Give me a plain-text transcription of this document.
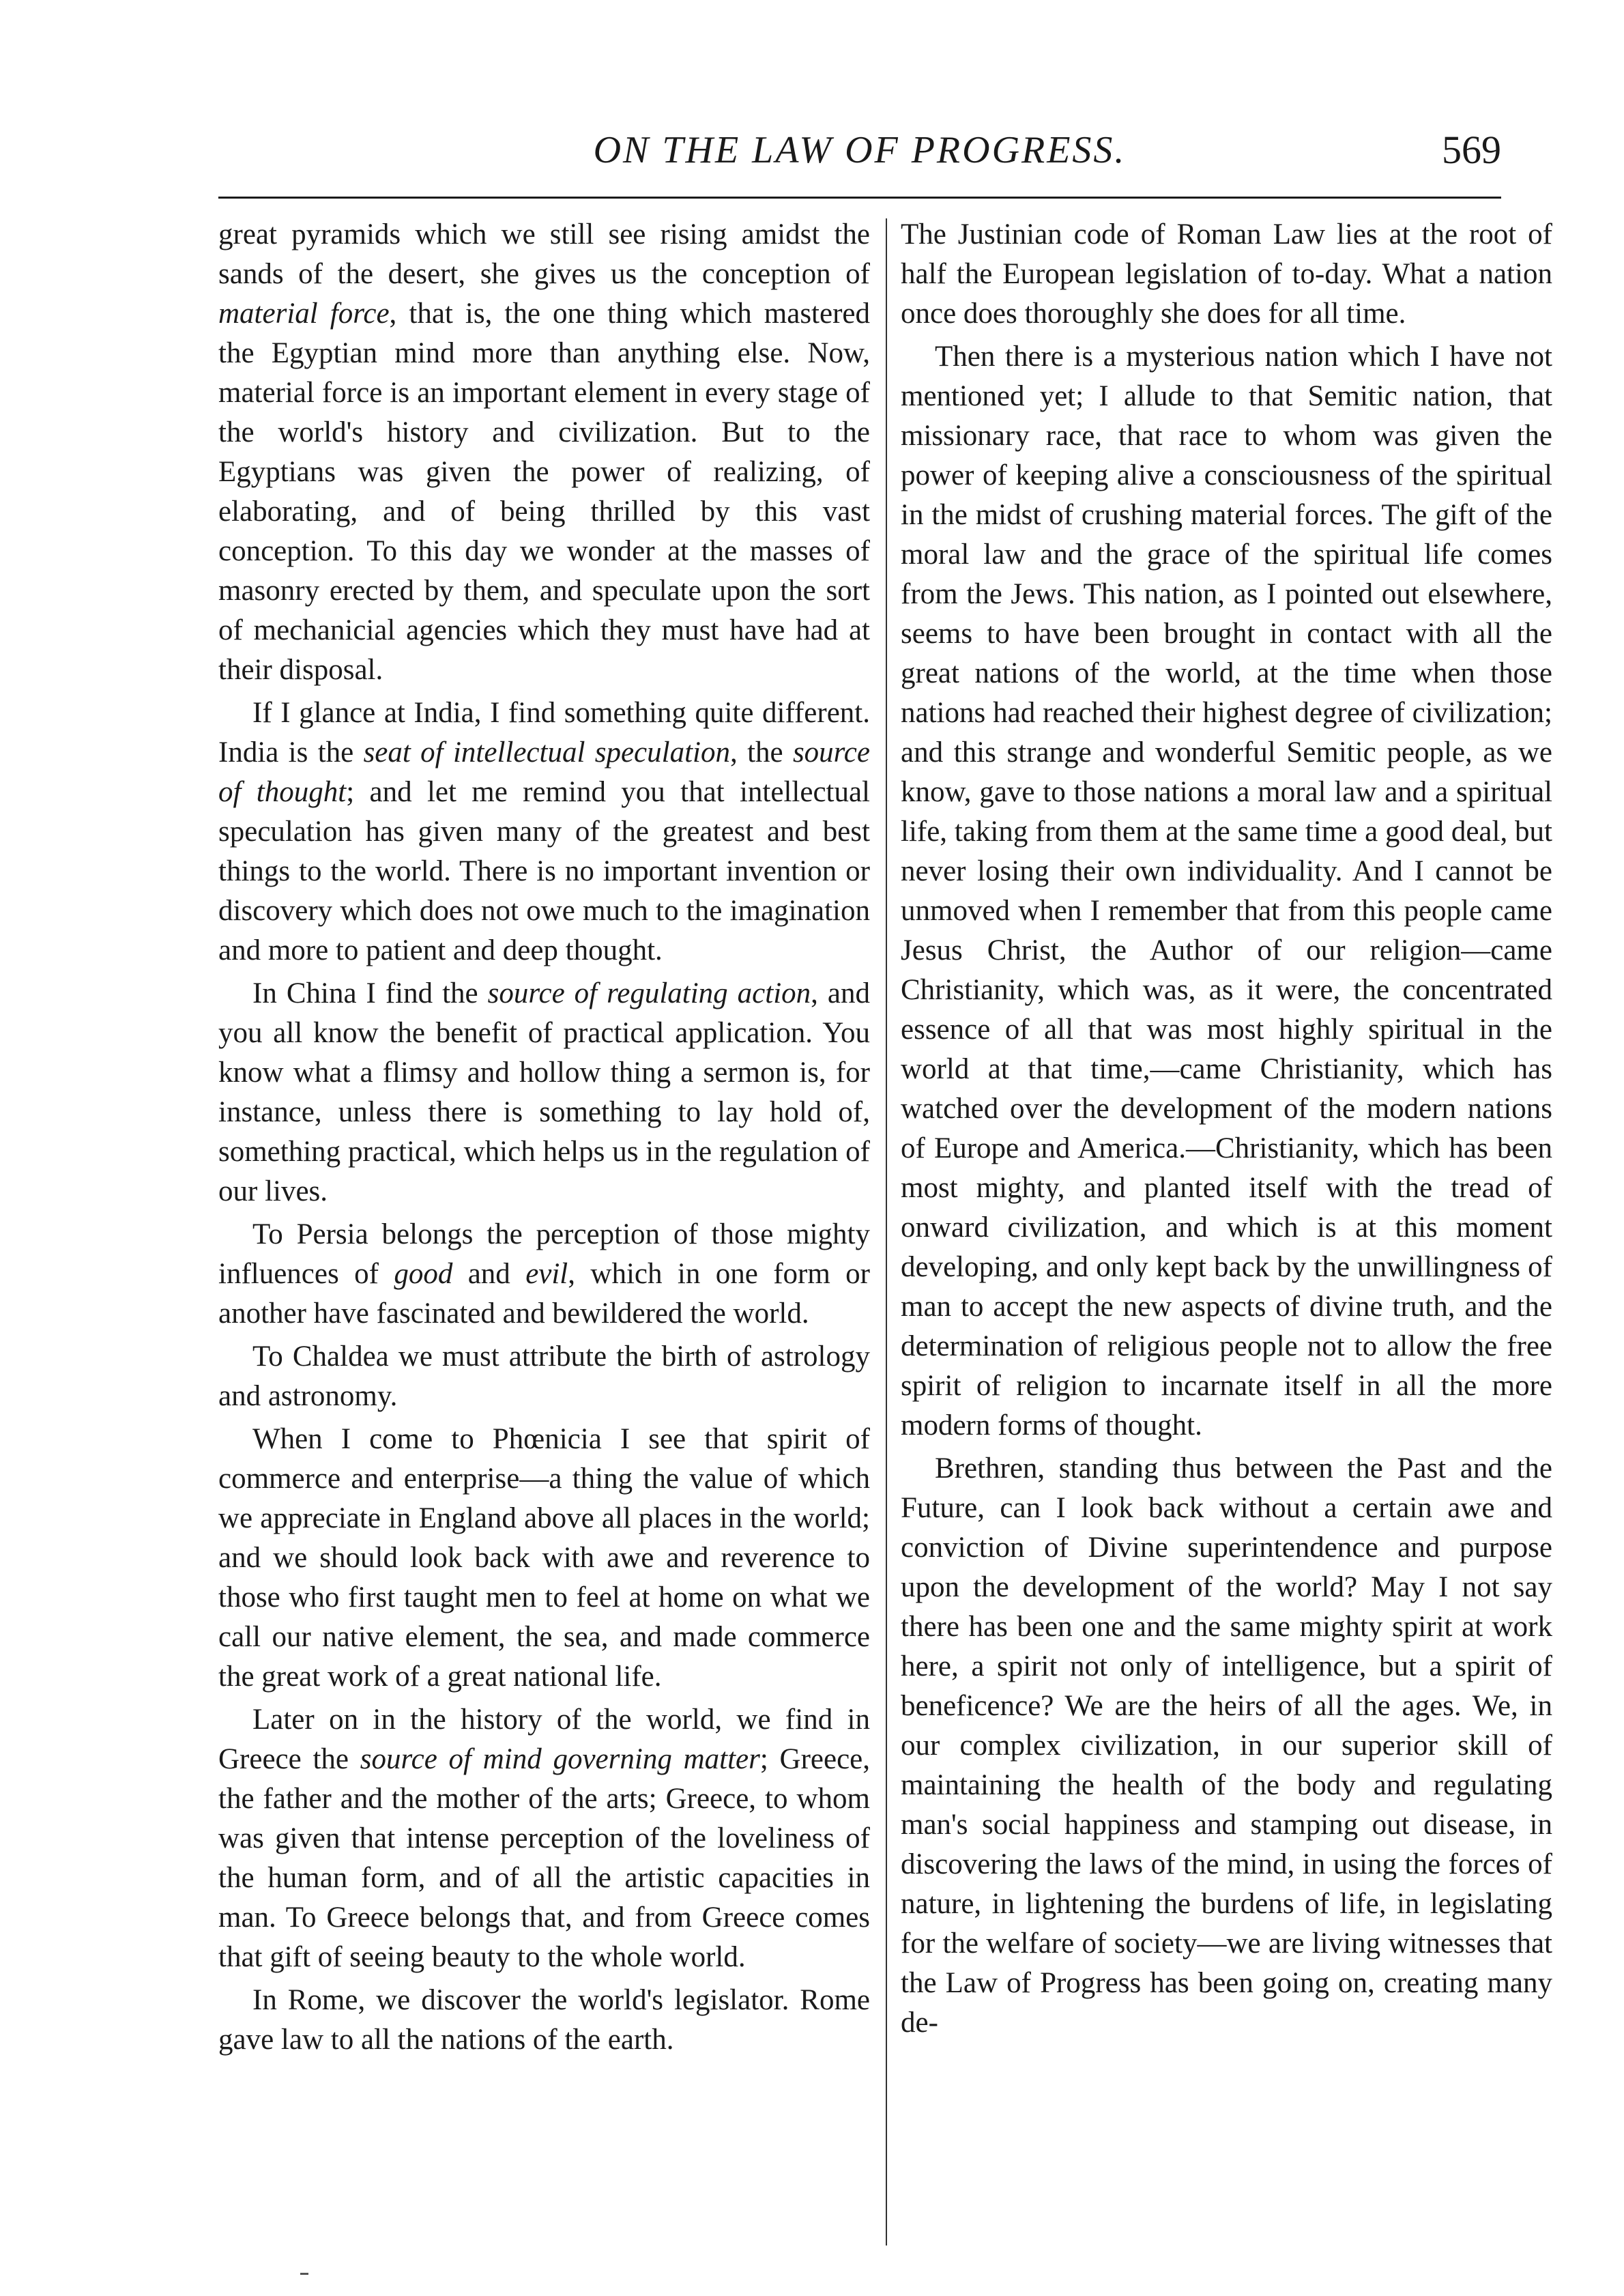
ON THE LAW OF PROGRESS.	569

great pyramids which we still see rising amidst the sands of the desert, she gives us the conception of material force, that is, the one thing which mastered the Egyptian mind more than anything else. Now, material force is an important element in every stage of the world's history and civilization. But to the Egyptians was given the power of realizing, of elaborating, and of being thrilled by this vast conception. To this day we wonder at the masses of masonry erected by them, and speculate upon the sort of mechanicial agencies which they must have had at their disposal.

If I glance at India, I find something quite different. India is the seat of intellectual speculation, the source of thought; and let me remind you that intellectual speculation has given many of the greatest and best things to the world. There is no important invention or discovery which does not owe much to the imagination and more to patient and deep thought.

In China I find the source of regulating action, and you all know the benefit of practical application. You know what a flimsy and hollow thing a sermon is, for instance, unless there is something to lay hold of, something practical, which helps us in the regulation of our lives.

To Persia belongs the perception of those mighty influences of good and evil, which in one form or another have fascinated and bewildered the world.

To Chaldea we must attribute the birth of astrology and astronomy.

When I come to Phœnicia I see that spirit of commerce and enterprise—a thing the value of which we appreciate in England above all places in the world; and we should look back with awe and reverence to those who first taught men to feel at home on what we call our native element, the sea, and made commerce the great work of a great national life.

Later on in the history of the world, we find in Greece the source of mind governing matter; Greece, the father and the mother of the arts; Greece, to whom was given that intense perception of the loveliness of the human form, and of all the artistic capacities in man. To Greece belongs that, and from Greece comes that gift of seeing beauty to the whole world.

In Rome, we discover the world's legislator. Rome gave law to all the nations of the earth.

The Justinian code of Roman Law lies at the root of half the European legislation of to-day. What a nation once does thoroughly she does for all time.

Then there is a mysterious nation which I have not mentioned yet; I allude to that Semitic nation, that missionary race, that race to whom was given the power of keeping alive a consciousness of the spiritual in the midst of crushing material forces. The gift of the moral law and the grace of the spiritual life comes from the Jews. This nation, as I pointed out elsewhere, seems to have been brought in contact with all the great nations of the world, at the time when those nations had reached their highest degree of civilization; and this strange and wonderful Semitic people, as we know, gave to those nations a moral law and a spiritual life, taking from them at the same time a good deal, but never losing their own individuality. And I cannot be unmoved when I remember that from this people came Jesus Christ, the Author of our religion—came Christianity, which was, as it were, the concentrated essence of all that was most highly spiritual in the world at that time,—came Christianity, which has watched over the development of the modern nations of Europe and America.—Christianity, which has been most mighty, and planted itself with the tread of onward civilization, and which is at this moment developing, and only kept back by the unwillingness of man to accept the new aspects of divine truth, and the determination of religious people not to allow the free spirit of religion to incarnate itself in all the more modern forms of thought.

Brethren, standing thus between the Past and the Future, can I look back without a certain awe and conviction of Divine superintendence and purpose upon the development of the world? May I not say there has been one and the same mighty spirit at work here, a spirit not only of intelligence, but a spirit of beneficence? We are the heirs of all the ages. We, in our complex civilization, in our superior skill of maintaining the health of the body and regulating man's social happiness and stamping out disease, in discovering the laws of the mind, in using the forces of nature, in lightening the burdens of life, in legislating for the welfare of society—we are living witnesses that the Law of Progress has been going on, creating many de-
